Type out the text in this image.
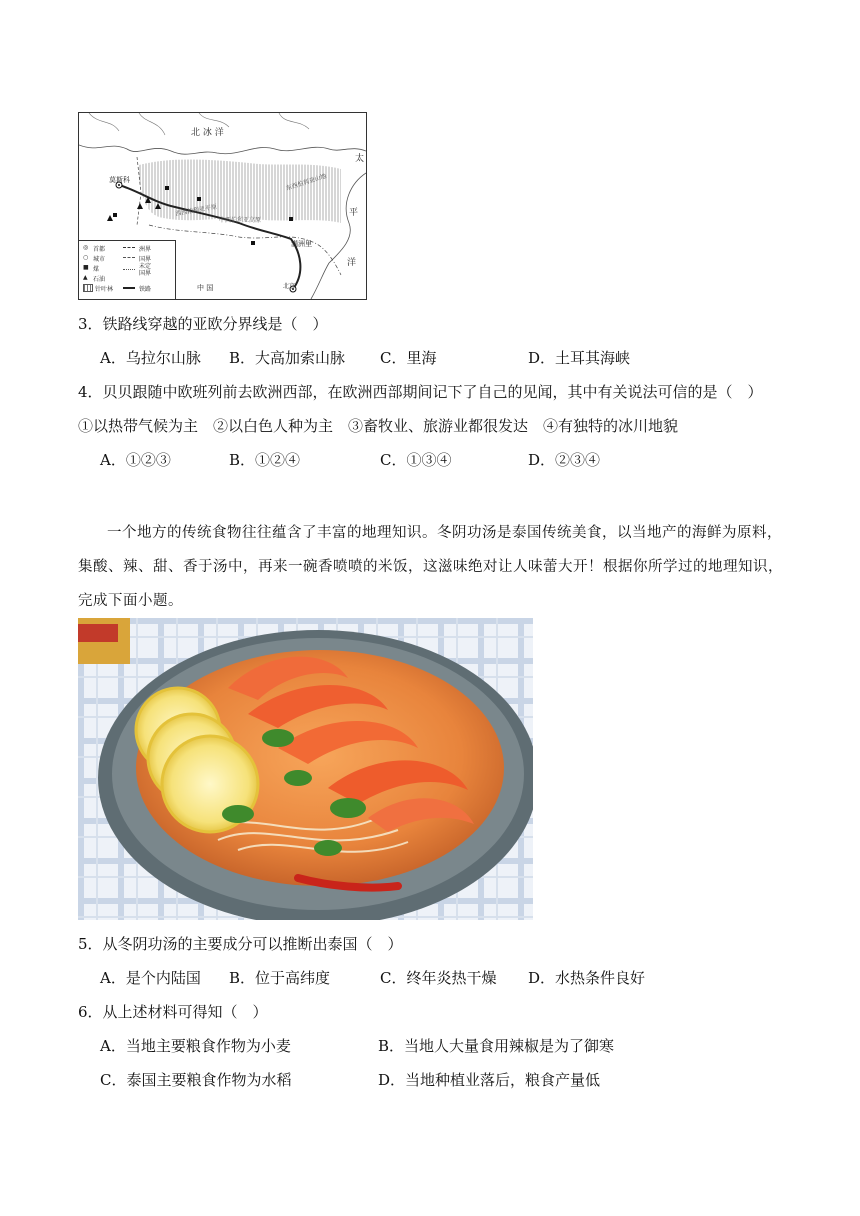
北 冰 洋
太
平
洋
莫斯科
满洲里
北京
中 国
西西伯利亚平原
中西伯利亚高原
东西伯利亚山地
◎ 首都
○ 城市
■ 煤
▲ 石油
针叶林
洲界
国界
未定国界
铁路
3．铁路线穿越的亚欧分界线是（　）
A．乌拉尔山脉 B．大高加索山脉 C．里海	D．土耳其海峡
4．贝贝跟随中欧班列前去欧洲西部，在欧洲西部期间记下了自己的见闻，其中有关说法可信的是（　）
①以热带气候为主　②以白色人种为主　③畜牧业、旅游业都很发达　④有独特的冰川地貌
A．①②③	B．①②④	C．①③④	D．②③④
一个地方的传统食物往往蕴含了丰富的地理知识。冬阴功汤是泰国传统美食，以当地产的海鲜为原料，集酸、辣、甜、香于汤中，再来一碗香喷喷的米饭，这滋味绝对让人味蕾大开！根据你所学过的地理知识，完成下面小题。
5．从冬阴功汤的主要成分可以推断出泰国（　）
A．是个内陆国 B．位于高纬度	C．终年炎热干燥 D．水热条件良好
6．从上述材料可得知（　）
A．当地主要粮食作物为小麦	B．当地人大量食用辣椒是为了御寒
C．泰国主要粮食作物为水稻	D．当地种植业落后，粮食产量低
